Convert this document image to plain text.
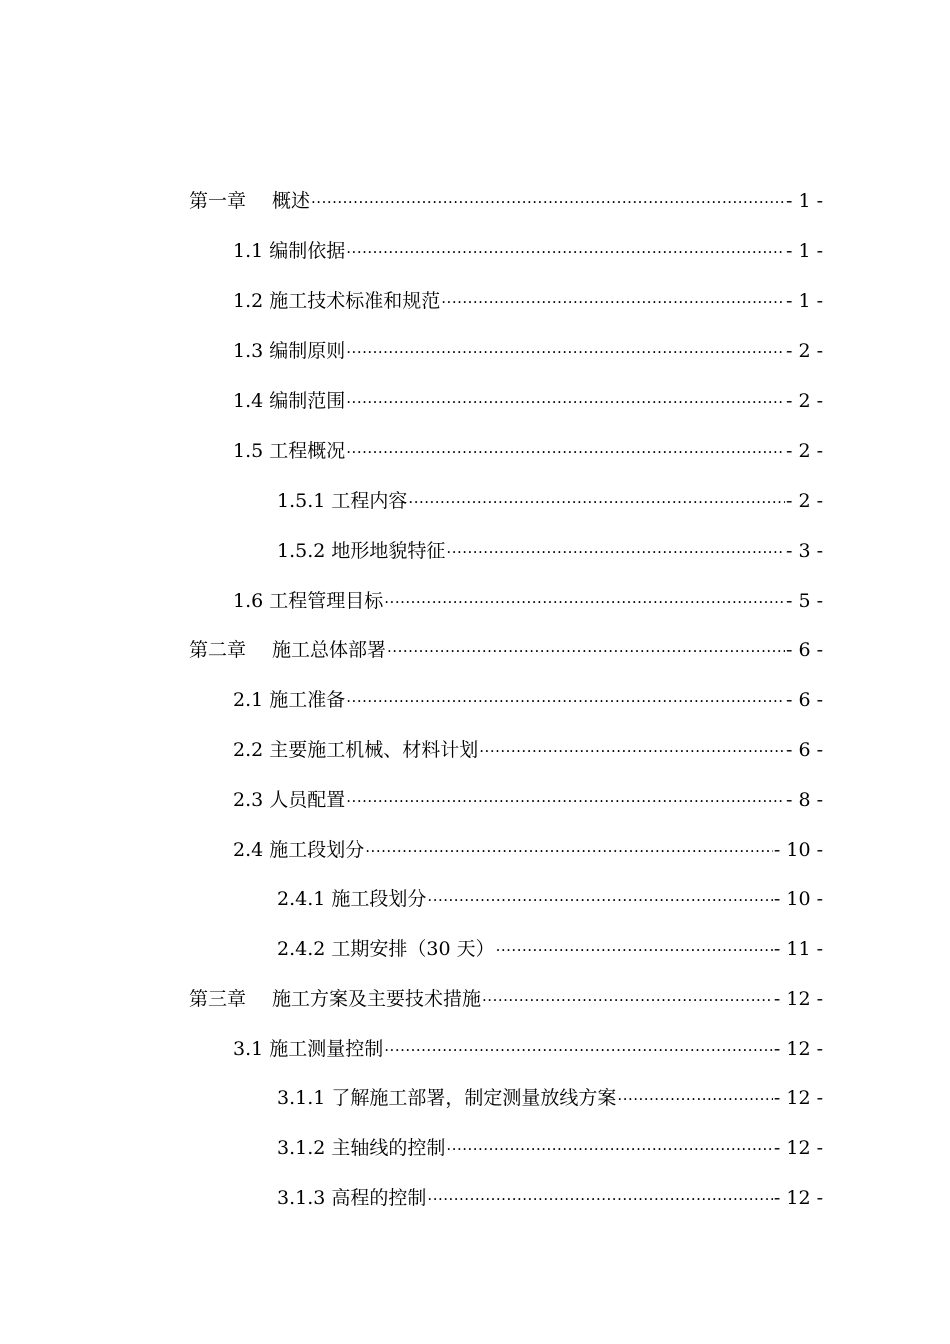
第一章 概述 .....	- 1 -
1.1 编制依据 .....	- 1 -
1.2 施工技术标准和规范 .....	- 1 -
1.3 编制原则 .....	- 2 -
1.4 编制范围 .....	- 2 -
1.5 工程概况 .....	- 2 -
1.5.1 工程内容 .....	- 2 -
1.5.2 地形地貌特征 .....	- 3 -
1.6 工程管理目标 .....	- 5 -
第二章 施工总体部署 .....	- 6 -
2.1 施工准备 .....	- 6 -
2.2 主要施工机械、材料计划 .....	- 6 -
2.3 人员配置 .....	- 8 -
2.4 施工段划分 .....	- 10 -
2.4.1 施工段划分 .....	- 10 -
2.4.2 工期安排（30 天） .....	- 11 -
第三章 施工方案及主要技术措施 .....	- 12 -
3.1 施工测量控制 .....	- 12 -
3.1.1 了解施工部署，制定测量放线方案 .....	- 12 -
3.1.2 主轴线的控制 .....	- 12 -
3.1.3 高程的控制 .....	- 12 -
